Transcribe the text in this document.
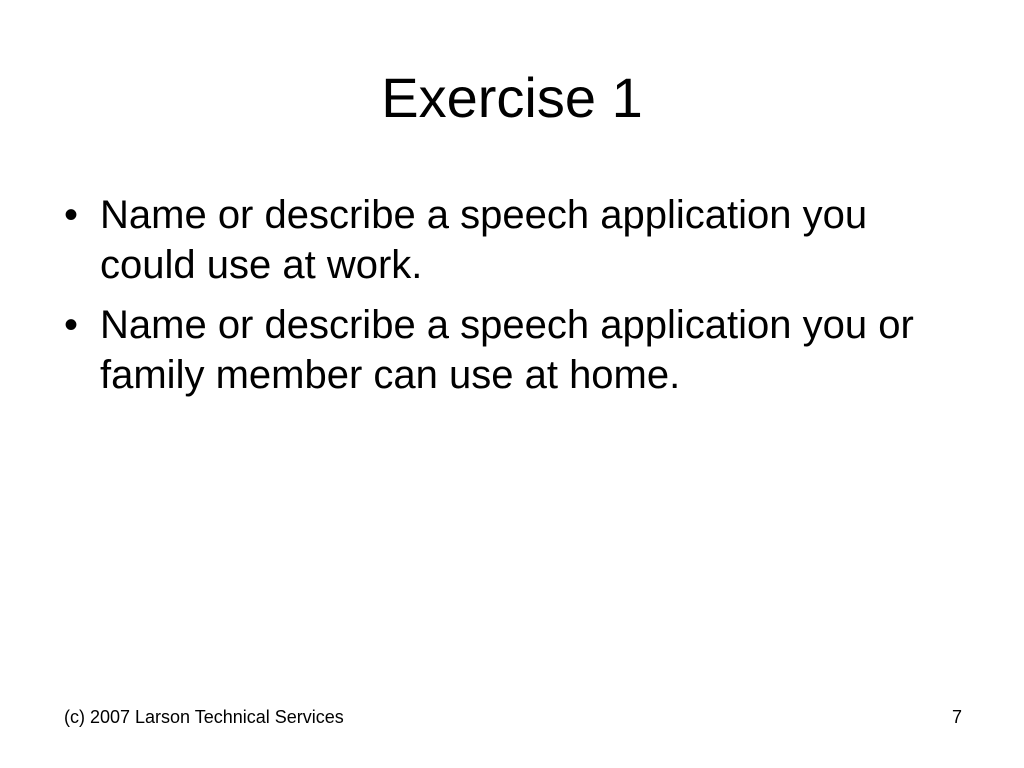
Exercise 1
• Name or describe a speech application you could use at work.
• Name or describe a speech application you or family member can use at home.
(c) 2007 Larson Technical Services	7
